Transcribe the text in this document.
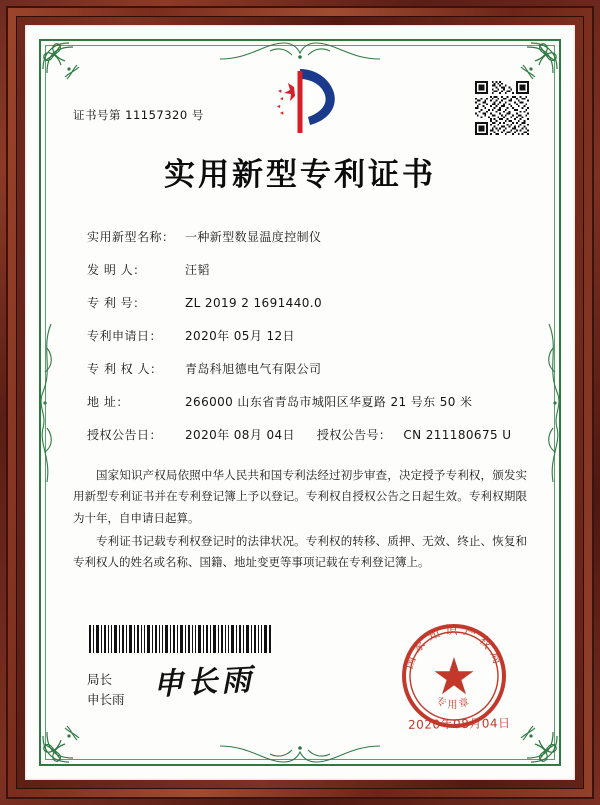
证书号第 11157320 号
实用新型专利证书
实用新型名称： 一种新型数显温度控制仪
发 明 人：	汪韬
专 利 号：	ZL 2019 2 1691440.0
专利申请日：	2020年 05月 12日
专 利 权 人：	青岛科旭德电气有限公司
地 址：	266000 山东省青岛市城阳区华夏路 21 号东 50 米
授权公告日：	2020年 08月 04日 授权公告号： CN 211180675 U

国家知识产权局依照中华人民共和国专利法经过初步审查，决定授予专利权，颁发实用新型专利证书并在专利登记簿上予以登记。专利权自授权公告之日起生效。专利权期限为十年，自申请日起算。

专利证书记载专利权登记时的法律状况。专利权的转移、质押、无效、终止、恢复和专利权人的姓名或名称、国籍、地址变更等事项记载在专利登记簿上。

申长雨
局长
申长雨
国家知识产权局
专用章
2020年08月04日
